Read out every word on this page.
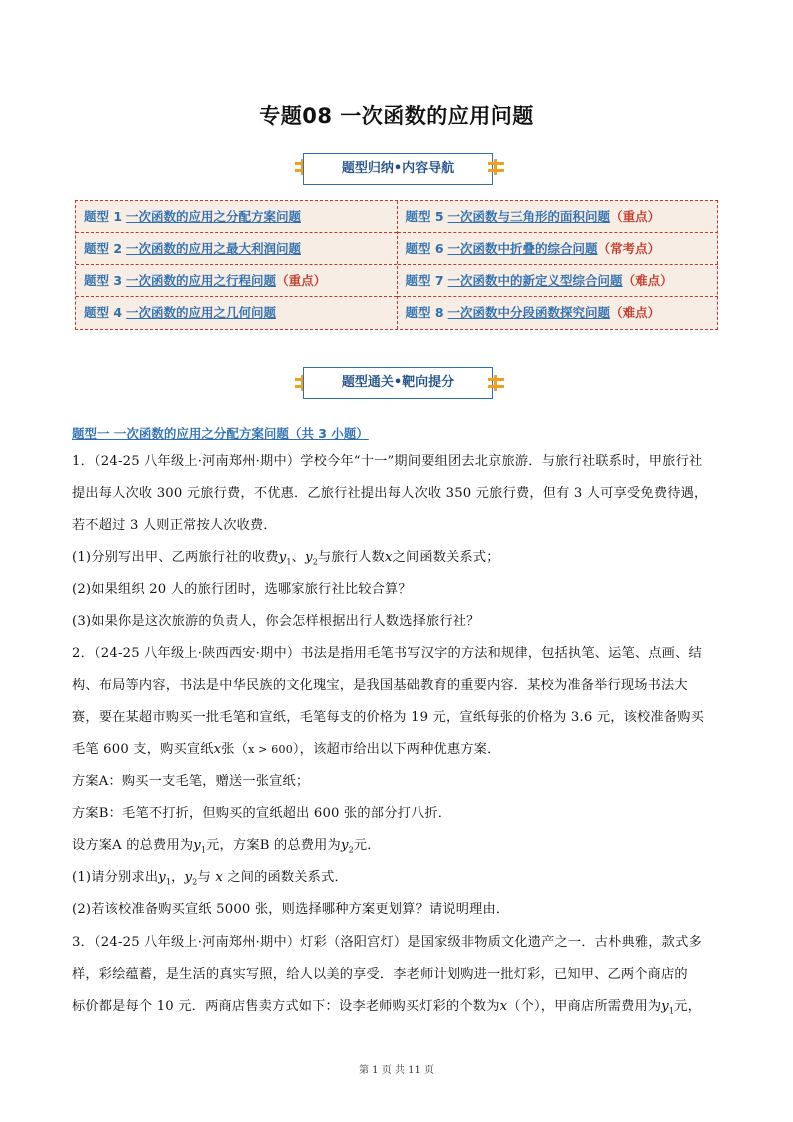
专题08 一次函数的应用问题
题型归纳•内容导航
题型 1 一次函数的应用之分配方案问题
题型 2 一次函数的应用之最大利润问题
题型 3 一次函数的应用之行程问题（重点）
题型 4 一次函数的应用之几何问题
题型 5 一次函数与三角形的面积问题（重点）
题型 6 一次函数中折叠的综合问题（常考点）
题型 7 一次函数中的新定义型综合问题（难点）
题型 8 一次函数中分段函数探究问题（难点）
题型通关•靶向提分
题型一 一次函数的应用之分配方案问题（共 3 小题）
1．（24-25 八年级上·河南郑州·期中）学校今年“十一”期间要组团去北京旅游．与旅行社联系时，甲旅行社
提出每人次收 300 元旅行费，不优惠．乙旅行社提出每人次收 350 元旅行费，但有 3 人可享受免费待遇，
若不超过 3 人则正常按人次收费．
(1)分别写出甲、乙两旅行社的收费$y_1$、$y_2$与旅行人数x之间函数关系式；
(2)如果组织 20 人的旅行团时，选哪家旅行社比较合算？
(3)如果你是这次旅游的负责人，你会怎样根据出行人数选择旅行社？
2．（24-25 八年级上·陕西西安·期中）书法是指用毛笔书写汉字的方法和规律，包括执笔、运笔、点画、结
构、布局等内容，书法是中华民族的文化瑰宝，是我国基础教育的重要内容．某校为准备举行现场书法大
赛，要在某超市购买一批毛笔和宣纸，毛笔每支的价格为 19 元，宣纸每张的价格为 3.6 元，该校准备购买
毛笔 600 支，购买宣纸x张（x > 600），该超市给出以下两种优惠方案．
方案A：购买一支毛笔，赠送一张宣纸；
方案B：毛笔不打折，但购买的宣纸超出 600 张的部分打八折．
设方案A 的总费用为$y_1$元，方案B 的总费用为$y_2$元．
(1)请分别求出$y_1$，$y_2$与 x 之间的函数关系式．
(2)若该校准备购买宣纸 5000 张，则选择哪种方案更划算？请说明理由．
3．（24-25 八年级上·河南郑州·期中）灯彩（洛阳宫灯）是国家级非物质文化遗产之一．古朴典雅，款式多
样，彩绘蕴蓄，是生活的真实写照，给人以美的享受．李老师计划购进一批灯彩，已知甲、乙两个商店的
标价都是每个 10 元．两商店售卖方式如下：设李老师购买灯彩的个数为x（个），甲商店所需费用为$y_1$元，
第 1 页 共 11 页
